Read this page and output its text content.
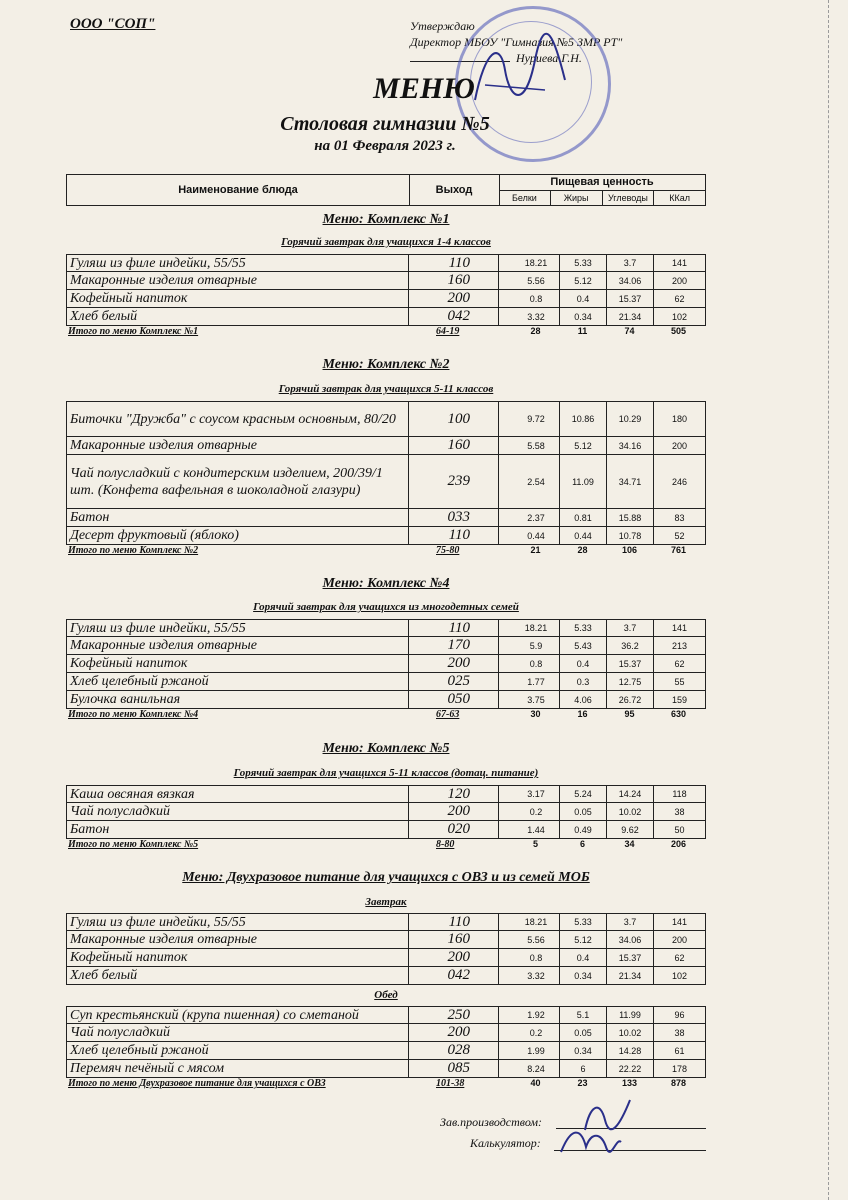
ООО "СОП"	Утверждаю
Директор МБОУ "Гимназия №5 ЗМР РТ"
Нуриева Г.Н.
МЕНЮ
Столовая гимназии №5
на 01 Февраля 2023 г.
Наименование блюда	Выход
Пищевая ценность
Белки	Жиры	Углеводы	ККал
Меню: Комплекс №1
Горячий завтрак для учащихся 1-4 классов
Гуляш из филе индейки, 55/55	110	18.21	5.33	3.7	141
Макаронные изделия отварные	160	5.56	5.12	34.06	200
Кофейный напиток	200	0.8	0.4	15.37	62
Хлеб белый	042	3.32	0.34	21.34	102
Итого по меню Комплекс №1	64-19	28	11	74	505
Меню: Комплекс №2
Горячий завтрак для учащихся 5-11 классов
Биточки "Дружба" с соусом красным основным, 80/20	100	9.72	10.86	10.29	180
Макаронные изделия отварные	160	5.58	5.12	34.16	200
Чай полусладкий с кондитерским изделием, 200/39/1 шт. (Конфета вафельная в шоколадной глазури)
239	2.54	11.09	34.71	246
Батон	033	2.37	0.81	15.88	83
Десерт фруктовый (яблоко)	110	0.44	0.44	10.78	52
Итого по меню Комплекс №2	75-80	21	28	106	761
Меню: Комплекс №4
Горячий завтрак для учащихся из многодетных семей
Гуляш из филе индейки, 55/55	110	18.21	5.33	3.7	141
Макаронные изделия отварные	170	5.9	5.43	36.2	213
Кофейный напиток	200	0.8	0.4	15.37	62
Хлеб целебный ржаной	025	1.77	0.3	12.75	55
Булочка ванильная	050	3.75	4.06	26.72	159
Итого по меню Комплекс №4	67-63	30	16	95	630
Меню: Комплекс №5
Горячий завтрак для учащихся 5-11 классов (дотац. питание)
Каша овсяная вязкая	120	3.17	5.24	14.24	118
Чай полусладкий	200	0.2	0.05	10.02	38
Батон	020	1.44	0.49	9.62	50
Итого по меню Комплекс №5	8-80	5	6	34	206
Меню: Двухразовое питание для учащихся с ОВЗ и из семей МОБ
Завтрак
Гуляш из филе индейки, 55/55	110	18.21	5.33	3.7	141
Макаронные изделия отварные	160	5.56	5.12	34.06	200
Кофейный напиток	200	0.8	0.4	15.37	62
Хлеб белый	042	3.32	0.34	21.34	102
Обед
Суп крестьянский (крупа пшенная) со сметаной	250	1.92	5.1	11.99	96
Чай полусладкий	200	0.2	0.05	10.02	38
Хлеб целебный ржаной	028	1.99	0.34	14.28	61
Перемяч печёный с мясом	085	8.24	6	22.22	178
Итого по меню Двухразовое питание для учащихся с ОВЗ	101-38	40	23	133	878
Зав.производством:
Калькулятор:
